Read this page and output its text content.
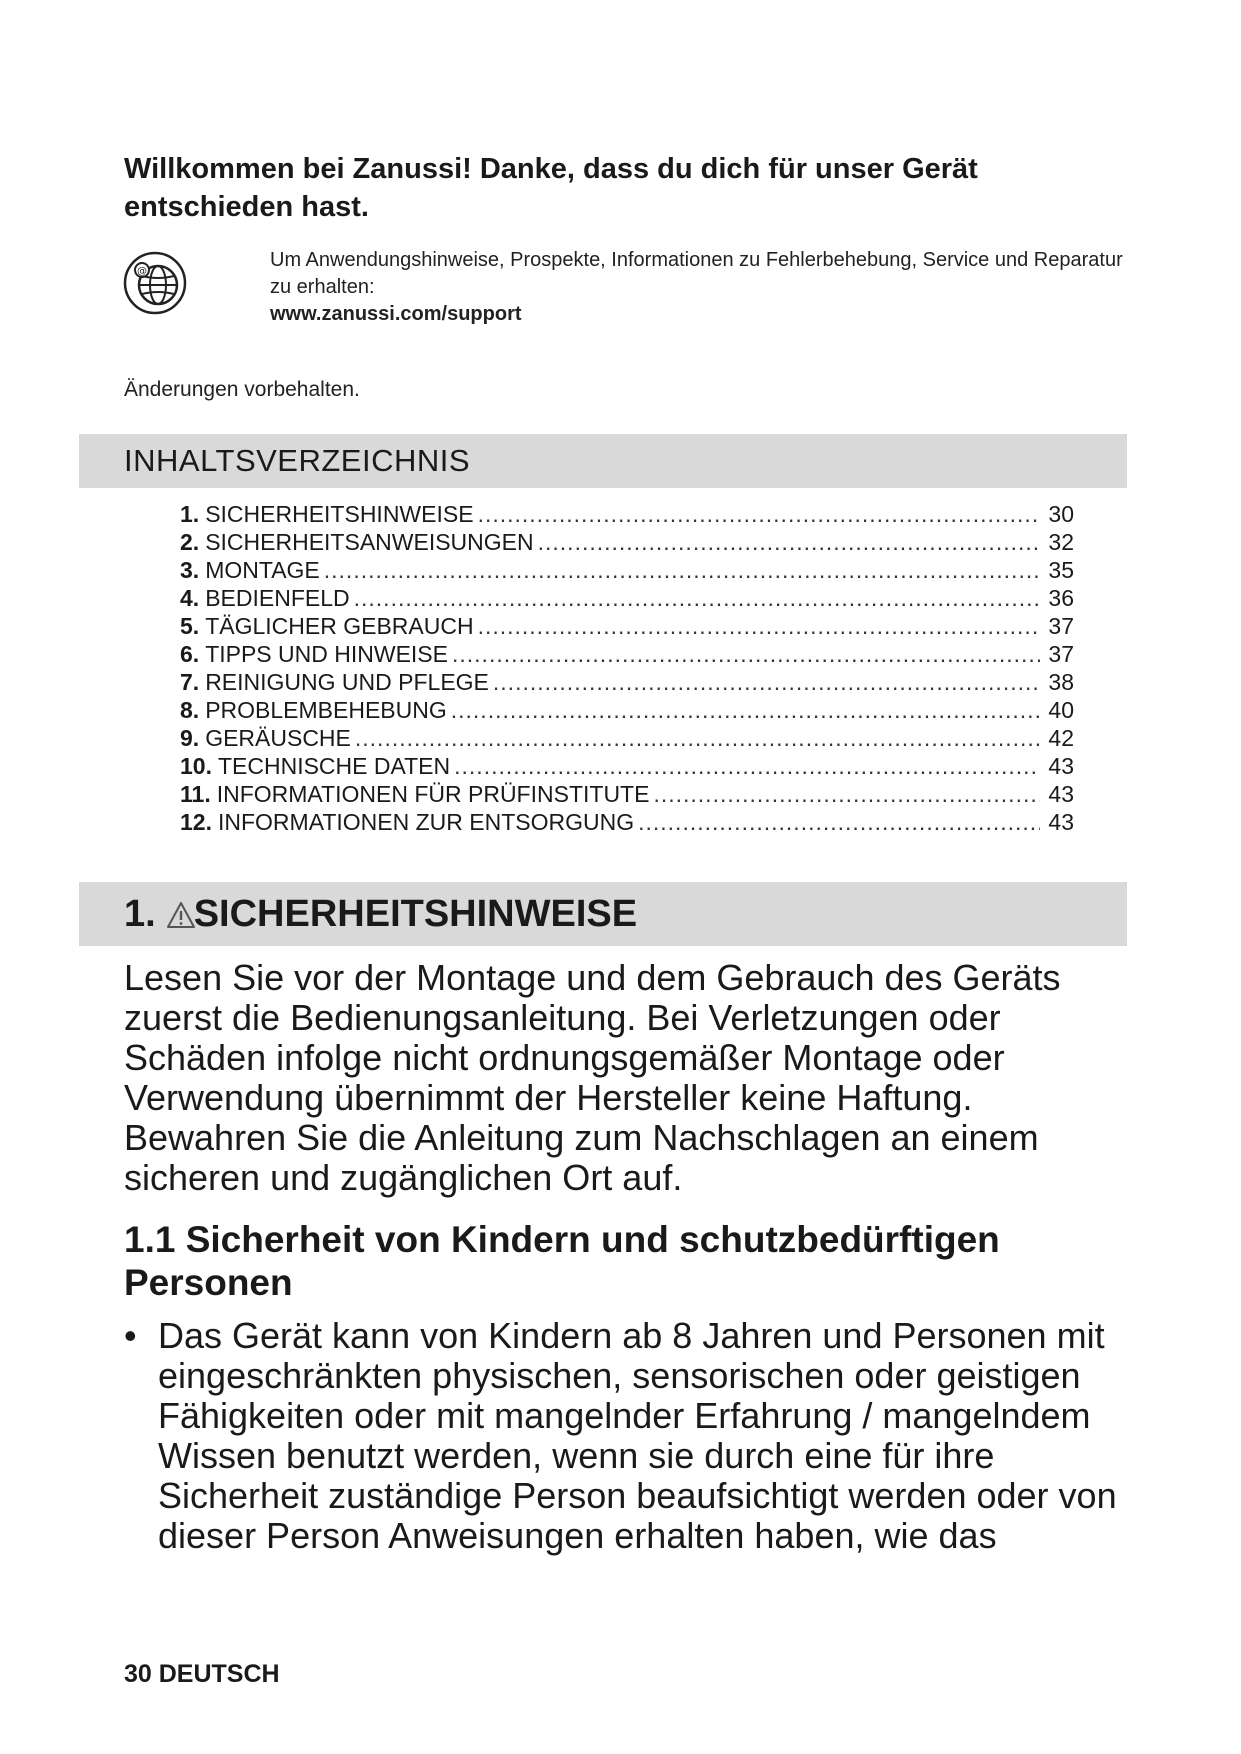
Willkommen bei Zanussi! Danke, dass du dich für unser Gerät entschieden hast.
@
Um Anwendungshinweise, Prospekte, Informationen zu Fehlerbehebung, Service und Reparatur zu erhalten:
www.zanussi.com/support
Änderungen vorbehalten.
INHALTSVERZEICHNIS
1. SICHERHEITSHINWEISE .....	30
2. SICHERHEITSANWEISUNGEN .....	32
3. MONTAGE .....	35
4. BEDIENFELD .....	36
5. TÄGLICHER GEBRAUCH .....	37
6. TIPPS UND HINWEISE .....	37
7. REINIGUNG UND PFLEGE .....	38
8. PROBLEMBEHEBUNG .....	40
9. GERÄUSCHE .....	42
10. TECHNISCHE DATEN .....	43
11. INFORMATIONEN FÜR PRÜFINSTITUTE .....	43
12. INFORMATIONEN ZUR ENTSORGUNG .....	43
1. SICHERHEITSHINWEISE

Lesen Sie vor der Montage und dem Gebrauch des Geräts zuerst die Bedienungsanleitung. Bei Verletzungen oder Schäden infolge nicht ordnungsgemäßer Montage oder Verwendung übernimmt der Hersteller keine Haftung. Bewahren Sie die Anleitung zum Nachschlagen an einem sicheren und zugänglichen Ort auf.

1.1 Sicherheit von Kindern und schutzbedürftigen Personen

• Das Gerät kann von Kindern ab 8 Jahren und Personen mit eingeschränkten physischen, sensorischen oder geistigen Fähigkeiten oder mit mangelnder Erfahrung / mangelndem Wissen benutzt werden, wenn sie durch eine für ihre Sicherheit zuständige Person beaufsichtigt werden oder von dieser Person Anweisungen erhalten haben, wie das

30 DEUTSCH
